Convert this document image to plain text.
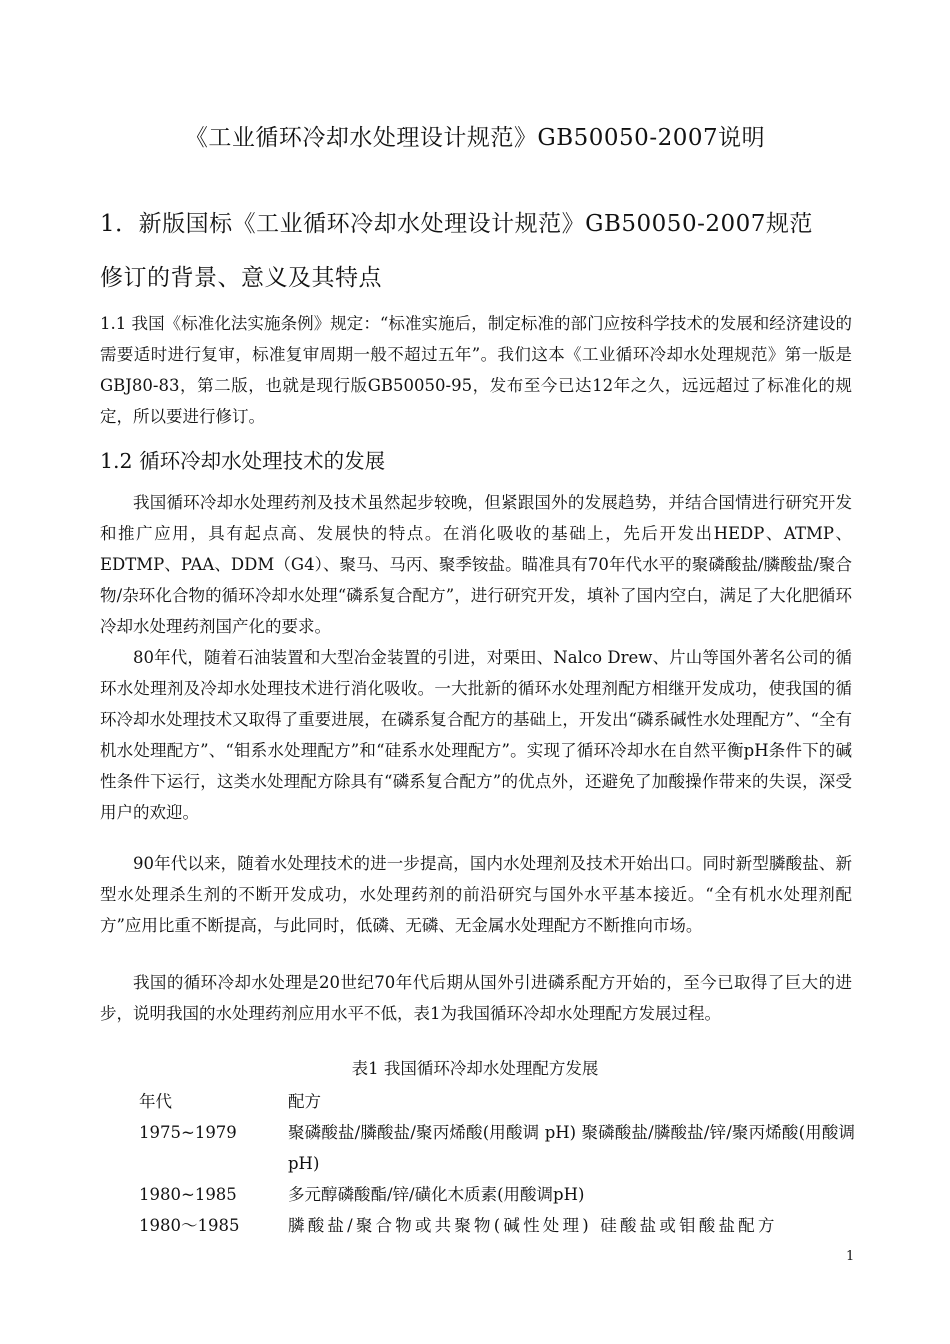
《工业循环冷却水处理设计规范》GB50050-2007说明
1．新版国标《工业循环冷却水处理设计规范》GB50050-2007规范
修订的背景、意义及其特点
1.1 我国《标准化法实施条例》规定：“标准实施后，制定标准的部门应按科学技术的发展和经济建设的需要适时进行复审，标准复审周期一般不超过五年”。我们这本《工业循环冷却水处理规范》第一版是GBJ80-83，第二版，也就是现行版GB50050-95，发布至今已达12年之久，远远超过了标准化的规定，所以要进行修订。
1.2 循环冷却水处理技术的发展
我国循环冷却水处理药剂及技术虽然起步较晚，但紧跟国外的发展趋势，并结合国情进行研究开发和推广应用，具有起点高、发展快的特点。在消化吸收的基础上，先后开发出HEDP、ATMP、EDTMP、PAA、DDM（G4）、聚马、马丙、聚季铵盐。瞄准具有70年代水平的聚磷酸盐/膦酸盐/聚合物/杂环化合物的循环冷却水处理“磷系复合配方”，进行研究开发，填补了国内空白，满足了大化肥循环冷却水处理药剂国产化的要求。
80年代，随着石油装置和大型冶金装置的引进，对栗田、Nalco Drew、片山等国外著名公司的循环水处理剂及冷却水处理技术进行消化吸收。一大批新的循环水处理剂配方相继开发成功，使我国的循环冷却水处理技术又取得了重要进展，在磷系复合配方的基础上，开发出“磷系碱性水处理配方”、“全有机水处理配方”、“钼系水处理配方”和“硅系水处理配方”。实现了循环冷却水在自然平衡pH条件下的碱性条件下运行，这类水处理配方除具有“磷系复合配方”的优点外，还避免了加酸操作带来的失误，深受用户的欢迎。
90年代以来，随着水处理技术的进一步提高，国内水处理剂及技术开始出口。同时新型膦酸盐、新型水处理杀生剂的不断开发成功，水处理药剂的前沿研究与国外水平基本接近。“全有机水处理剂配方”应用比重不断提高，与此同时，低磷、无磷、无金属水处理配方不断推向市场。
我国的循环冷却水处理是20世纪70年代后期从国外引进磷系配方开始的，至今已取得了巨大的进步，说明我国的水处理药剂应用水平不低，表1为我国循环冷却水处理配方发展过程。
表1 我国循环冷却水处理配方发展
年代	配方
1975~1979	聚磷酸盐/膦酸盐/聚丙烯酸(用酸调 pH) 聚磷酸盐/膦酸盐/锌/聚丙烯酸(用酸调pH)
1980~1985	多元醇磷酸酯/锌/磺化木质素(用酸调pH)
1980～1985	膦酸盐/聚合物或共聚物(碱性处理) 硅酸盐或钼酸盐配方
1
